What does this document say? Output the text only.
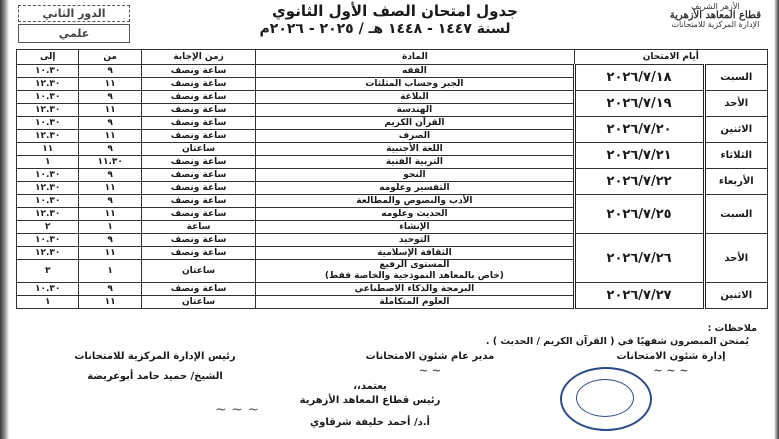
الأزهر الشريف
قطاع المعاهد الأزهرية
الإدارة المركزية للامتحانات
جدول امتحان الصف الأول الثانوي
لسنة ١٤٤٧ - ١٤٤٨ هـ / ٢٠٢٥ - ٢٠٢٦م
الدور الثاني
علمي
أيام الامتحان		المادة	زمن الإجابة	من	إلى
السبت	٢٠٢٦/٧/١٨	الفقه	ساعة ونصف	٩	١٠.٣٠

		الجبر وحساب المثلثات	ساعة ونصف	١١	١٢.٣٠
الأحد	٢٠٢٦/٧/١٩	البلاغة	ساعة ونصف	٩	١٠.٣٠

		الهندسة	ساعة ونصف	١١	١٢.٣٠
الاثنين	٢٠٢٦/٧/٢٠	القرآن الكريم	ساعة ونصف	٩	١٠.٣٠

		الصرف	ساعة ونصف	١١	١٢.٣٠
الثلاثاء	٢٠٢٦/٧/٢١	اللغة الأجنبية	ساعتان	٩	١١

		التربية الفنية	ساعة ونصف	١١.٣٠	١
الأربعاء	٢٠٢٦/٧/٢٢	النحو	ساعة ونصف	٩	١٠.٣٠

		التفسير وعلومه	ساعة ونصف	١١	١٢.٣٠
السبت	٢٠٢٦/٧/٢٥	الأدب والنصوص والمطالعة	ساعة ونصف	٩	١٠.٣٠

		الحديث وعلومه	ساعة ونصف	١١	١٢.٣٠

		الإنشاء	ساعة	١	٢
الأحد	٢٠٢٦/٧/٢٦	التوحيد	ساعة ونصف	٩	١٠.٣٠

		الثقافة الإسلامية	ساعة ونصف	١١	١٢.٣٠

		المستوى الرفيع
(خاص بالمعاهد النموذجية والخاصة فقط)	ساعتان	١	٣
الاثنين	٢٠٢٦/٧/٢٧	البرمجة والذكاء الاصطناعي	ساعة ونصف	٩	١٠.٣٠

		العلوم المتكاملة	ساعتان	١١	١
ملاحظات :
يُمتحن المبصرون شفهيًا في ( القرآن الكريم / الحديث ) .
إدارة شئون الامتحانات
~ ~ ~
مدير عام شئون الامتحانات
~ ~
رئيس الإدارة المركزية للامتحانات
الشيخ/ حميد حامد أبوعريضة
يعتمد،،
رئيس قطاع المعاهد الأزهرية
أ.د/ أحمد خليفة شرقاوي
~ ~ ~
